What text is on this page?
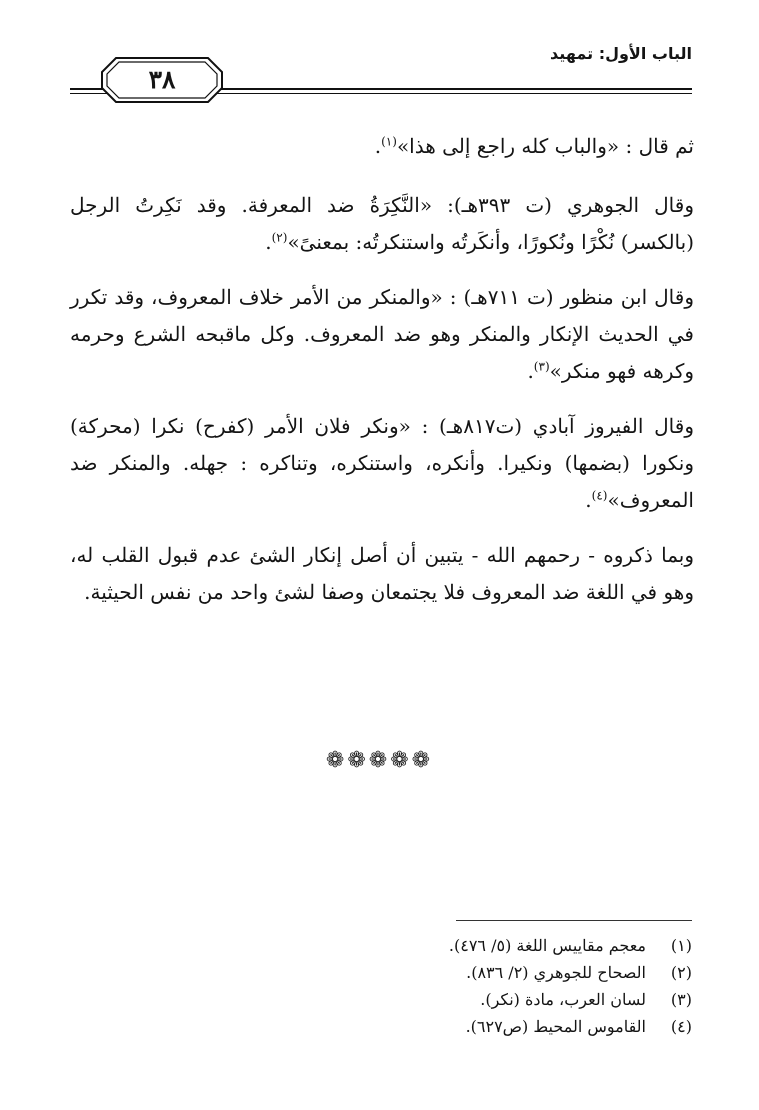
الباب الأول: تمهيد
٣٨

ثم قال : «والباب كله راجع إلى هذا»$^{(١)}$.

وقال الجوهري (ت ٣٩٣هـ): «النَّكِرَةُ ضد المعرفة. وقد نَكِرتُ الرجل (بالكسر) نُكْرًا ونُكورًا، وأنكَرتُه واستنكرتُه: بمعنىً»$^{(٢)}$.

وقال ابن منظور (ت ٧١١هـ) : «والمنكر من الأمر خلاف المعروف، وقد تكرر في الحديث الإنكار والمنكر وهو ضد المعروف. وكل ماقبحه الشرع وحرمه وكرهه فهو منكر»$^{(٣)}$.

وقال الفيروز آبادي (ت٨١٧هـ) : «ونكر فلان الأمر (كفرح) نكرا (محركة) ونكورا (بضمها) ونكيرا. وأنكره، واستنكره، وتناكره : جهله. والمنكر ضد المعروف»$^{(٤)}$.

وبما ذكروه - رحمهم الله - يتبين أن أصل إنكار الشئ عدم قبول القلب له، وهو في اللغة ضد المعروف فلا يجتمعان وصفا لشئ واحد من نفس الحيثية.

❁❁❁❁❁
(١)معجم مقاييس اللغة (٥/ ٤٧٦).
(٢)الصحاح للجوهري (٢/ ٨٣٦).
(٣)لسان العرب، مادة (نكر).
(٤)القاموس المحيط (ص٦٢٧).
